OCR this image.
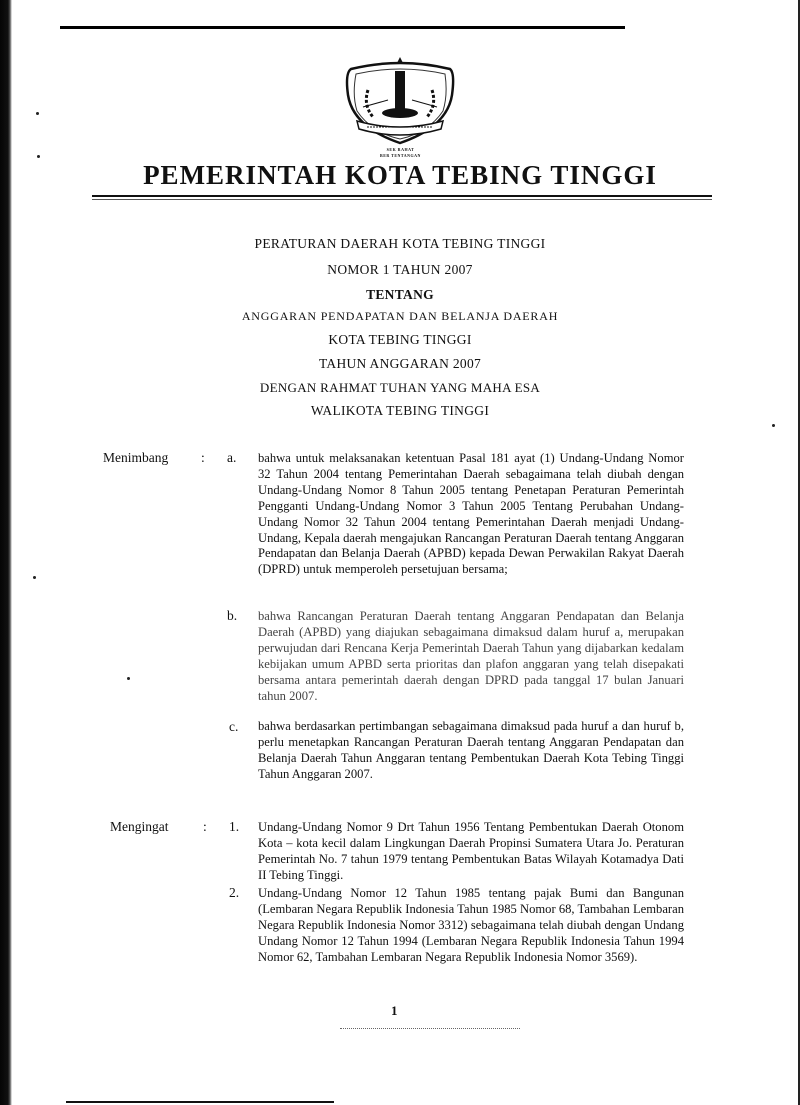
SEK RAHAT
BER TENTANGAN
PEMERINTAH KOTA TEBING TINGGI
PERATURAN DAERAH KOTA TEBING TINGGI
NOMOR 1 TAHUN 2007
TENTANG
ANGGARAN PENDAPATAN DAN BELANJA DAERAH
KOTA TEBING TINGGI
TAHUN ANGGARAN 2007
DENGAN RAHMAT TUHAN YANG MAHA ESA
WALIKOTA TEBING TINGGI
Menimbang : a. bahwa untuk melaksanakan ketentuan Pasal 181 ayat (1) Undang-Undang Nomor 32 Tahun 2004 tentang Pemerintahan Daerah sebagaimana telah diubah dengan Undang-Undang Nomor 8 Tahun 2005 tentang Penetapan Peraturan Pemerintah Pengganti Undang-Undang Nomor 3 Tahun 2005 Tentang Perubahan Undang-Undang Nomor 32 Tahun 2004 tentang Pemerintahan Daerah menjadi Undang-Undang, Kepala daerah mengajukan Rancangan Peraturan Daerah tentang Anggaran Pendapatan dan Belanja Daerah (APBD) kepada Dewan Perwakilan Rakyat Daerah (DPRD) untuk memperoleh persetujuan bersama;
b. bahwa Rancangan Peraturan Daerah tentang Anggaran Pendapatan dan Belanja Daerah (APBD) yang diajukan sebagaimana dimaksud dalam huruf a, merupakan perwujudan dari Rencana Kerja Pemerintah Daerah Tahun yang dijabarkan kedalam kebijakan umum APBD serta prioritas dan plafon anggaran yang telah disepakati bersama antara pemerintah daerah dengan DPRD pada tanggal 17 bulan Januari tahun 2007.
c. bahwa berdasarkan pertimbangan sebagaimana dimaksud pada huruf a dan huruf b, perlu menetapkan Rancangan Peraturan Daerah tentang Anggaran Pendapatan dan Belanja Daerah Tahun Anggaran tentang Pembentukan Daerah Kota Tebing Tinggi Tahun Anggaran 2007.
Mengingat	: 1. Undang-Undang Nomor 9 Drt Tahun 1956 Tentang Pembentukan Daerah Otonom Kota – kota kecil dalam Lingkungan Daerah Propinsi Sumatera Utara Jo. Peraturan Pemerintah No. 7 tahun 1979 tentang Pembentukan Batas Wilayah Kotamadya Dati II Tebing Tinggi.
2. Undang-Undang Nomor 12 Tahun 1985 tentang pajak Bumi dan Bangunan (Lembaran Negara Republik Indonesia Tahun 1985 Nomor 68, Tambahan Lembaran Negara Republik Indonesia Nomor 3312) sebagaimana telah diubah dengan Undang Undang Nomor 12 Tahun 1994 (Lembaran Negara Republik Indonesia Tahun 1994 Nomor 62, Tambahan Lembaran Negara Republik Indonesia Nomor 3569).
1
